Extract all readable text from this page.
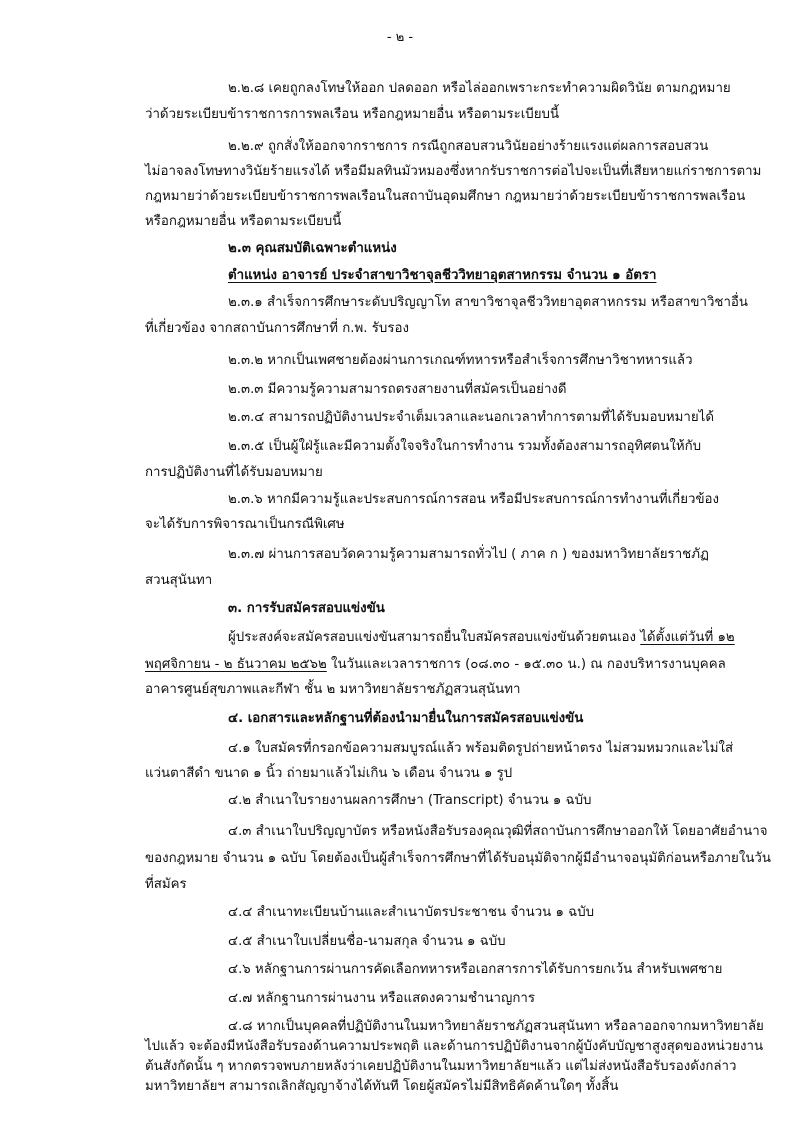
- ๒ -
๒.๒.๘ เคยถูกลงโทษให้ออก ปลดออก หรือไล่ออกเพราะกระทำความผิดวินัย ตามกฎหมาย
ว่าด้วยระเบียบข้าราชการการพลเรือน หรือกฎหมายอื่น หรือตามระเบียบนี้
๒.๒.๙ ถูกสั่งให้ออกจากราชการ กรณีถูกสอบสวนวินัยอย่างร้ายแรงแต่ผลการสอบสวน
ไม่อาจลงโทษทางวินัยร้ายแรงได้ หรือมีมลทินมัวหมองซึ่งหากรับราชการต่อไปจะเป็นที่เสียหายแก่ราชการตาม
กฎหมายว่าด้วยระเบียบข้าราชการพลเรือนในสถาบันอุดมศึกษา กฎหมายว่าด้วยระเบียบข้าราชการพลเรือน
หรือกฎหมายอื่น หรือตามระเบียบนี้
๒.๓ คุณสมบัติเฉพาะตำแหน่ง
ตำแหน่ง อาจารย์ ประจำสาขาวิชาจุลชีววิทยาอุตสาหกรรม จำนวน ๑ อัตรา
๒.๓.๑ สำเร็จการศึกษาระดับปริญญาโท สาขาวิชาจุลชีววิทยาอุตสาหกรรม หรือสาขาวิชาอื่น
ที่เกี่ยวข้อง จากสถาบันการศึกษาที่ ก.พ. รับรอง
๒.๓.๒ หากเป็นเพศชายต้องผ่านการเกณฑ์ทหารหรือสำเร็จการศึกษาวิชาทหารแล้ว
๒.๓.๓ มีความรู้ความสามารถตรงสายงานที่สมัครเป็นอย่างดี
๒.๓.๔ สามารถปฏิบัติงานประจำเต็มเวลาและนอกเวลาทำการตามที่ได้รับมอบหมายได้
๒.๓.๕ เป็นผู้ใฝ่รู้และมีความตั้งใจจริงในการทำงาน รวมทั้งต้องสามารถอุทิศตนให้กับ
การปฏิบัติงานที่ได้รับมอบหมาย
๒.๓.๖ หากมีความรู้และประสบการณ์การสอน หรือมีประสบการณ์การทำงานที่เกี่ยวข้อง
จะได้รับการพิจารณาเป็นกรณีพิเศษ
๒.๓.๗ ผ่านการสอบวัดความรู้ความสามารถทั่วไป ( ภาค ก ) ของมหาวิทยาลัยราชภัฏ
สวนสุนันทา
๓. การรับสมัครสอบแข่งขัน
ผู้ประสงค์จะสมัครสอบแข่งขันสามารถยื่นใบสมัครสอบแข่งขันด้วยตนเอง ได้ตั้งแต่วันที่ ๑๒
พฤศจิกายน - ๒ ธันวาคม ๒๕๖๒ ในวันและเวลาราชการ (๐๘.๓๐ - ๑๕.๓๐ น.) ณ กองบริหารงานบุคคล
อาคารศูนย์สุขภาพและกีฬา ชั้น ๒ มหาวิทยาลัยราชภัฏสวนสุนันทา
๔. เอกสารและหลักฐานที่ต้องนำมายื่นในการสมัครสอบแข่งขัน
๔.๑ ใบสมัครที่กรอกข้อความสมบูรณ์แล้ว พร้อมติดรูปถ่ายหน้าตรง ไม่สวมหมวกและไม่ใส่
แว่นตาสีดำ ขนาด ๑ นิ้ว ถ่ายมาแล้วไม่เกิน ๖ เดือน จำนวน ๑ รูป
๔.๒ สำเนาใบรายงานผลการศึกษา (Transcript) จำนวน ๑ ฉบับ
๔.๓ สำเนาใบปริญญาบัตร หรือหนังสือรับรองคุณวุฒิที่สถาบันการศึกษาออกให้ โดยอาศัยอำนาจ
ของกฎหมาย จำนวน ๑ ฉบับ โดยต้องเป็นผู้สำเร็จการศึกษาที่ได้รับอนุมัติจากผู้มีอำนาจอนุมัติก่อนหรือภายในวัน
ที่สมัคร
๔.๔ สำเนาทะเบียนบ้านและสำเนาบัตรประชาชน จำนวน ๑ ฉบับ
๔.๕ สำเนาใบเปลี่ยนชื่อ-นามสกุล จำนวน ๑ ฉบับ
๔.๖ หลักฐานการผ่านการคัดเลือกทหารหรือเอกสารการได้รับการยกเว้น สำหรับเพศชาย
๔.๗ หลักฐานการผ่านงาน หรือแสดงความชำนาญการ
๔.๘ หากเป็นบุคคลที่ปฏิบัติงานในมหาวิทยาลัยราชภัฏสวนสุนันทา หรือลาออกจากมหาวิทยาลัย
ไปแล้ว จะต้องมีหนังสือรับรองด้านความประพฤติ และด้านการปฏิบัติงานจากผู้บังคับบัญชาสูงสุดของหน่วยงาน
ต้นสังกัดนั้น ๆ หากตรวจพบภายหลังว่าเคยปฏิบัติงานในมหาวิทยาลัยฯแล้ว แต่ไม่ส่งหนังสือรับรองดังกล่าว
มหาวิทยาลัยฯ สามารถเลิกสัญญาจ้างได้ทันที โดยผู้สมัครไม่มีสิทธิคัดค้านใดๆ ทั้งสิ้น
